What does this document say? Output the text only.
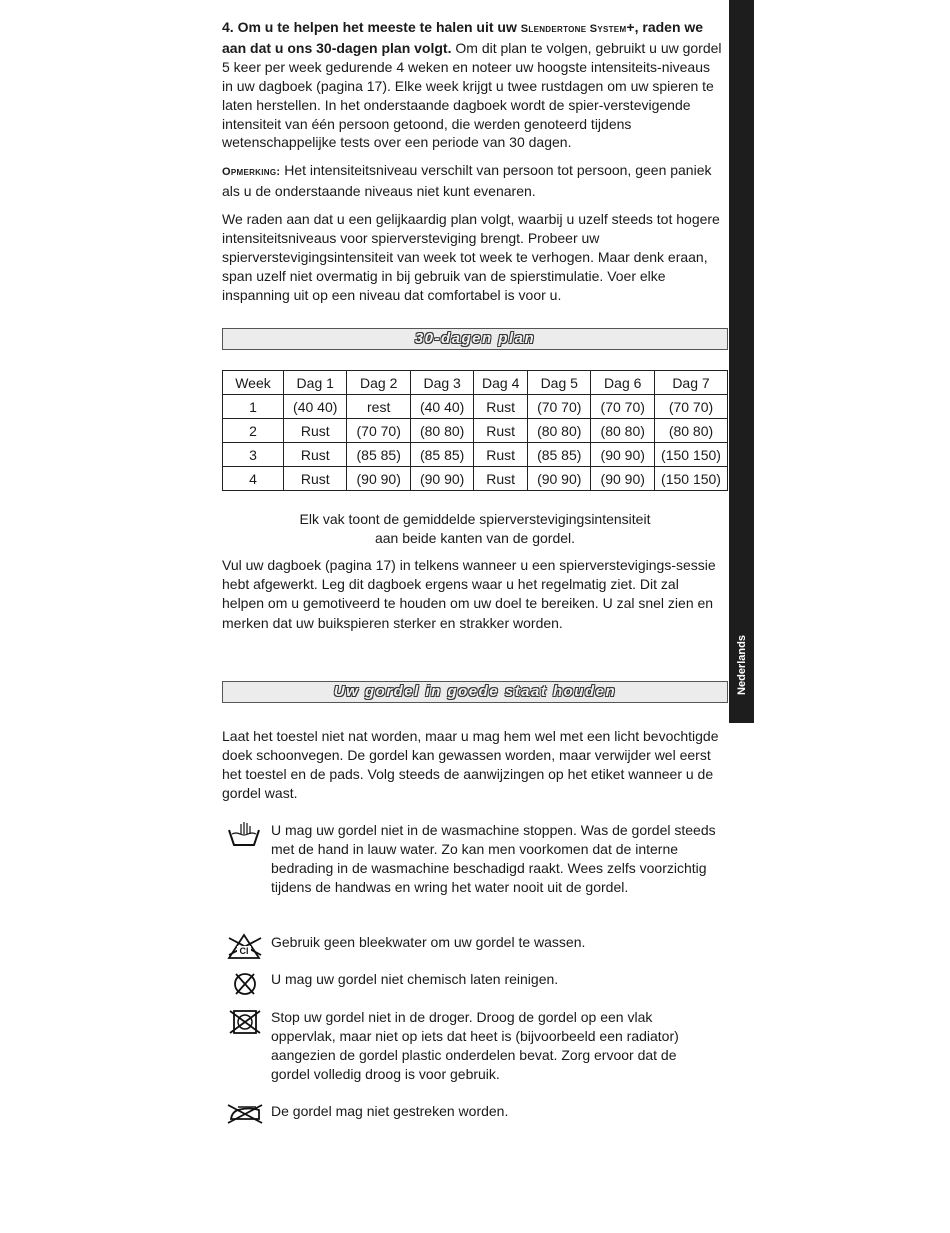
4. Om u te helpen het meeste te halen uit uw Slendertone System+, raden we aan dat u ons 30-dagen plan volgt. Om dit plan te volgen, gebruikt u uw gordel 5 keer per week gedurende 4 weken en noteer uw hoogste intensiteits-niveaus in uw dagboek (pagina 17). Elke week krijgt u twee rustdagen om uw spieren te laten herstellen. In het onderstaande dagboek wordt de spier-verstevigende intensiteit van één persoon getoond, die werden genoteerd tijdens wetenschappelijke tests over een periode van 30 dagen.

Opmerking: Het intensiteitsniveau verschilt van persoon tot persoon, geen paniek als u de onderstaande niveaus niet kunt evenaren.

We raden aan dat u een gelijkaardig plan volgt, waarbij u uzelf steeds tot hogere intensiteitsniveaus voor spierversteviging brengt. Probeer uw spierverstevigingsintensiteit van week tot week te verhogen. Maar denk eraan, span uzelf niet overmatig in bij gebruik van de spierstimulatie. Voer elke inspanning uit op een niveau dat comfortabel is voor u.

30-dagen plan
Week	Dag 1	Dag 2	Dag 3	Dag 4	Dag 5	Dag 6	Dag 7
1	(40 40)	rest	(40 40)	Rust	(70 70)	(70 70)	(70 70)
2	Rust	(70 70)	(80 80)	Rust	(80 80)	(80 80)	(80 80)
3	Rust	(85 85)	(85 85)	Rust	(85 85)	(90 90)	(150 150)
4	Rust	(90 90)	(90 90)	Rust	(90 90)	(90 90)	(150 150)
Elk vak toont de gemiddelde spierverstevigingsintensiteit
aan beide kanten van de gordel.
Vul uw dagboek (pagina 17) in telkens wanneer u een spierverstevigings-sessie hebt afgewerkt. Leg dit dagboek ergens waar u het regelmatig ziet. Dit zal helpen om u gemotiveerd te houden om uw doel te bereiken. U zal snel zien en merken dat uw buikspieren sterker en strakker worden.
Uw gordel in goede staat houden
Laat het toestel niet nat worden, maar u mag hem wel met een licht bevochtigde doek schoonvegen. De gordel kan gewassen worden, maar verwijder wel eerst het toestel en de pads. Volg steeds de aanwijzingen op het etiket wanneer u de gordel wast.
U mag uw gordel niet in de wasmachine stoppen. Was de gordel steeds met de hand in lauw water. Zo kan men voorkomen dat de interne bedrading in de wasmachine beschadigd raakt. Wees zelfs voorzichtig tijdens de handwas en wring het water nooit uit de gordel.
Cl
Gebruik geen bleekwater om uw gordel te wassen.
U mag uw gordel niet chemisch laten reinigen.
Stop uw gordel niet in de droger. Droog de gordel op een vlak oppervlak, maar niet op iets dat heet is (bijvoorbeeld een radiator) aangezien de gordel plastic onderdelen bevat. Zorg ervoor dat de gordel volledig droog is voor gebruik.
De gordel mag niet gestreken worden.
Nederlands
